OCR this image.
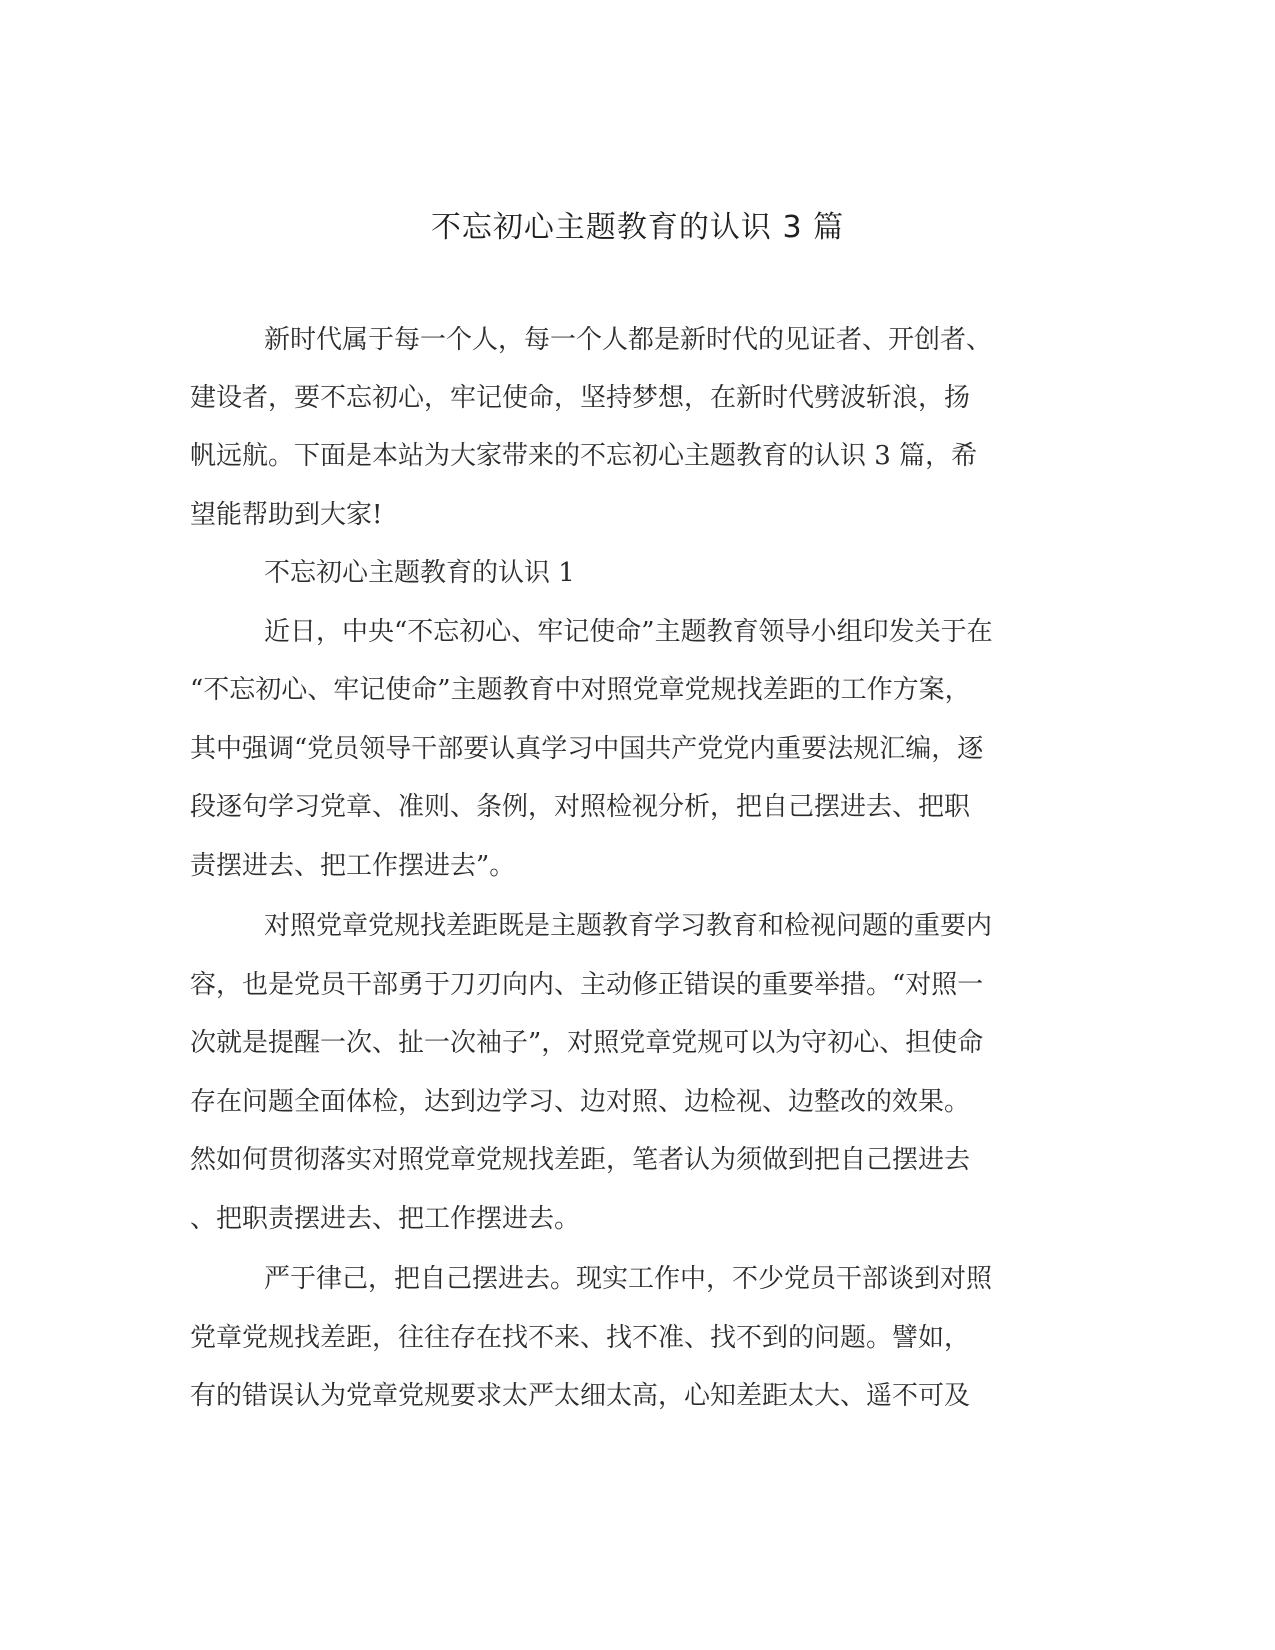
不忘初心主题教育的认识 3 篇
新时代属于每一个人，每一个人都是新时代的见证者、开创者、
建设者，要不忘初心，牢记使命，坚持梦想，在新时代劈波斩浪，扬
帆远航。下面是本站为大家带来的不忘初心主题教育的认识 3 篇，希
望能帮助到大家!
不忘初心主题教育的认识 1
近日，中央“不忘初心、牢记使命”主题教育领导小组印发关于在
“不忘初心、牢记使命”主题教育中对照党章党规找差距的工作方案，
其中强调“党员领导干部要认真学习中国共产党党内重要法规汇编，逐
段逐句学习党章、准则、条例，对照检视分析，把自己摆进去、把职
责摆进去、把工作摆进去”。
对照党章党规找差距既是主题教育学习教育和检视问题的重要内
容，也是党员干部勇于刀刃向内、主动修正错误的重要举措。“对照一
次就是提醒一次、扯一次袖子”，对照党章党规可以为守初心、担使命
存在问题全面体检，达到边学习、边对照、边检视、边整改的效果。
然如何贯彻落实对照党章党规找差距，笔者认为须做到把自己摆进去
、把职责摆进去、把工作摆进去。
严于律己，把自己摆进去。现实工作中，不少党员干部谈到对照
党章党规找差距，往往存在找不来、找不准、找不到的问题。譬如，
有的错误认为党章党规要求太严太细太高，心知差距太大、遥不可及
